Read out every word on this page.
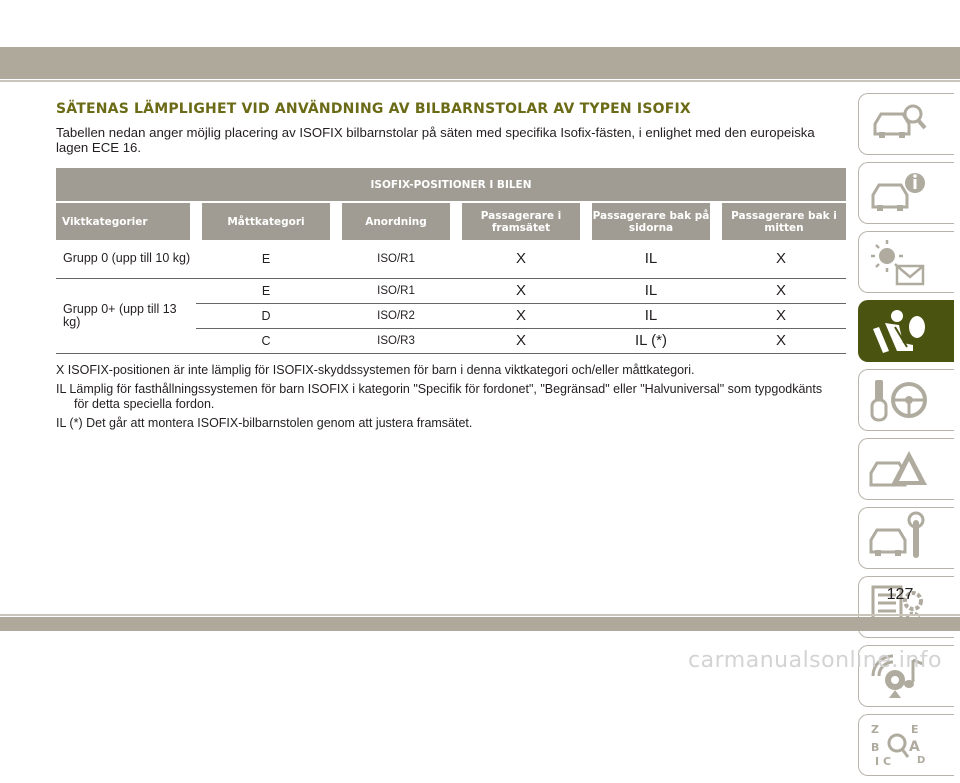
SÄTENAS LÄMPLIGHET VID ANVÄNDNING AV BILBARNSTOLAR AV TYPEN ISOFIX

Tabellen nedan anger möjlig placering av ISOFIX bilbarnstolar på säten med specifika Isofix-fästen, i enlighet med den europeiska lagen ECE 16.

ISOFIX-POSITIONER I BILEN					
Viktkategorier	Måttkategori	Anordning	Passagerare i framsätet	Passagerare bak på sidorna	Passagerare bak i mitten
Grupp 0 (upp till 10 kg)	E	ISO/R1	X	IL	X
Grupp 0+ (upp till 13 kg)	E	ISO/R1	X	IL	X
	D	ISO/R2	X	IL	X
	C	ISO/R3	X	IL (*)	X

X ISOFIX-positionen är inte lämplig för ISOFIX-skyddssystemen för barn i denna viktkategori och/eller måttkategori.

IL Lämplig för fasthållningssystemen för barn ISOFIX i kategorin "Specifik för fordonet", "Begränsad" eller "Halvuniversal" som typgodkänts
för detta speciella fordon.

IL (*) Det går att montera ISOFIX-bilbarnstolen genom att justera framsätet.

Z	E
B A
C	D
I
127
carmanualsonline.info
